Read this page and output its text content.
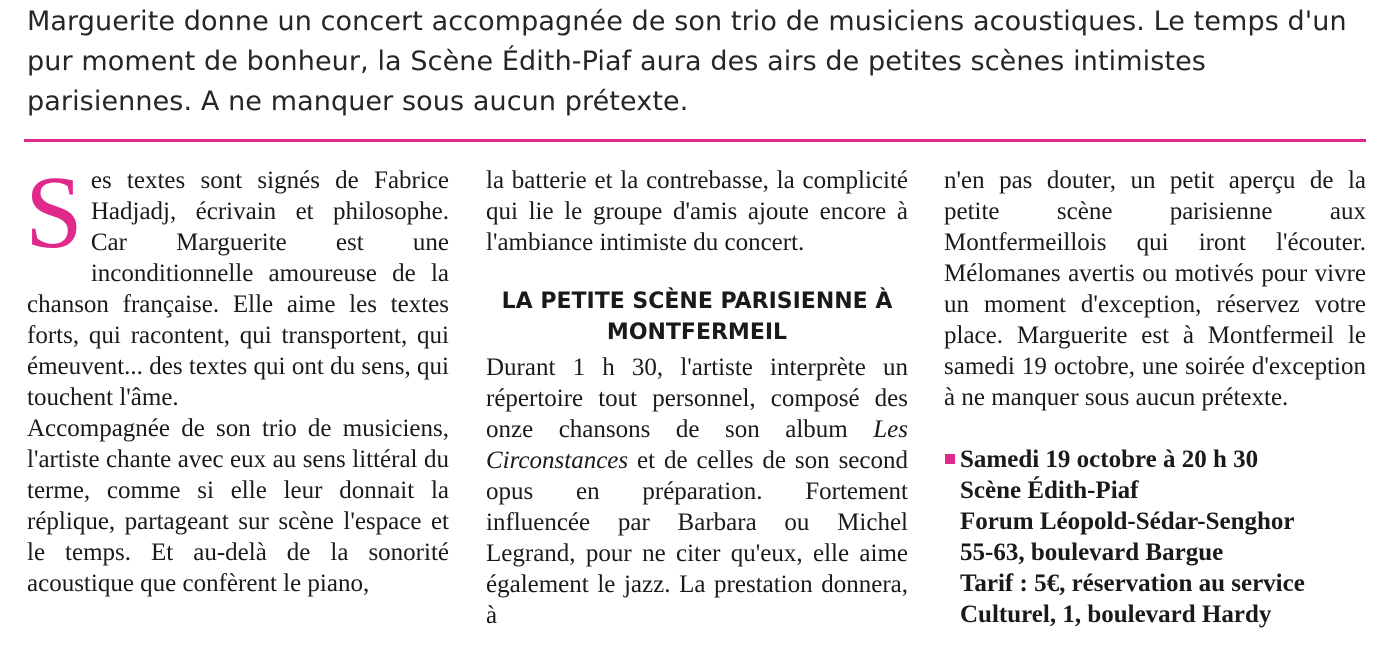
Marguerite donne un concert accompagnée de son trio de musiciens acoustiques. Le temps d'un pur moment de bonheur, la Scène Édith-Piaf aura des airs de petites scènes intimistes parisiennes. A ne manquer sous aucun prétexte.
S es textes sont signés de Fabrice Hadjadj, écrivain et philosophe. Car Marguerite est une inconditionnelle amoureuse de la chanson française. Elle aime les textes forts, qui racontent, qui transportent, qui émeuvent... des textes qui ont du sens, qui touchent l'âme.

Accompagnée de son trio de musiciens, l'artiste chante avec eux au sens littéral du terme, comme si elle leur donnait la réplique, partageant sur scène l'espace et le temps. Et au-delà de la sonorité acoustique que confèrent le piano,

la batterie et la contrebasse, la complicité qui lie le groupe d'amis ajoute encore à l'ambiance intimiste du concert.

LA PETITE SCÈNE PARISIENNE À MONTFERMEIL

Durant 1 h 30, l'artiste interprète un répertoire tout personnel, composé des onze chansons de son album Les Circonstances et de celles de son second opus en préparation. Fortement influencée par Barbara ou Michel Legrand, pour ne citer qu'eux, elle aime également le jazz. La prestation donnera, à

n'en pas douter, un petit aperçu de la petite scène parisienne aux Montfermeillois qui iront l'écouter. Mélomanes avertis ou motivés pour vivre un moment d'exception, réservez votre place. Marguerite est à Montfermeil le samedi 19 octobre, une soirée d'exception à ne manquer sous aucun prétexte.

Samedi 19 octobre à 20 h 30
Scène Édith-Piaf
Forum Léopold-Sédar-Senghor
55-63, boulevard Bargue
Tarif : 5€, réservation au service
Culturel, 1, boulevard Hardy
